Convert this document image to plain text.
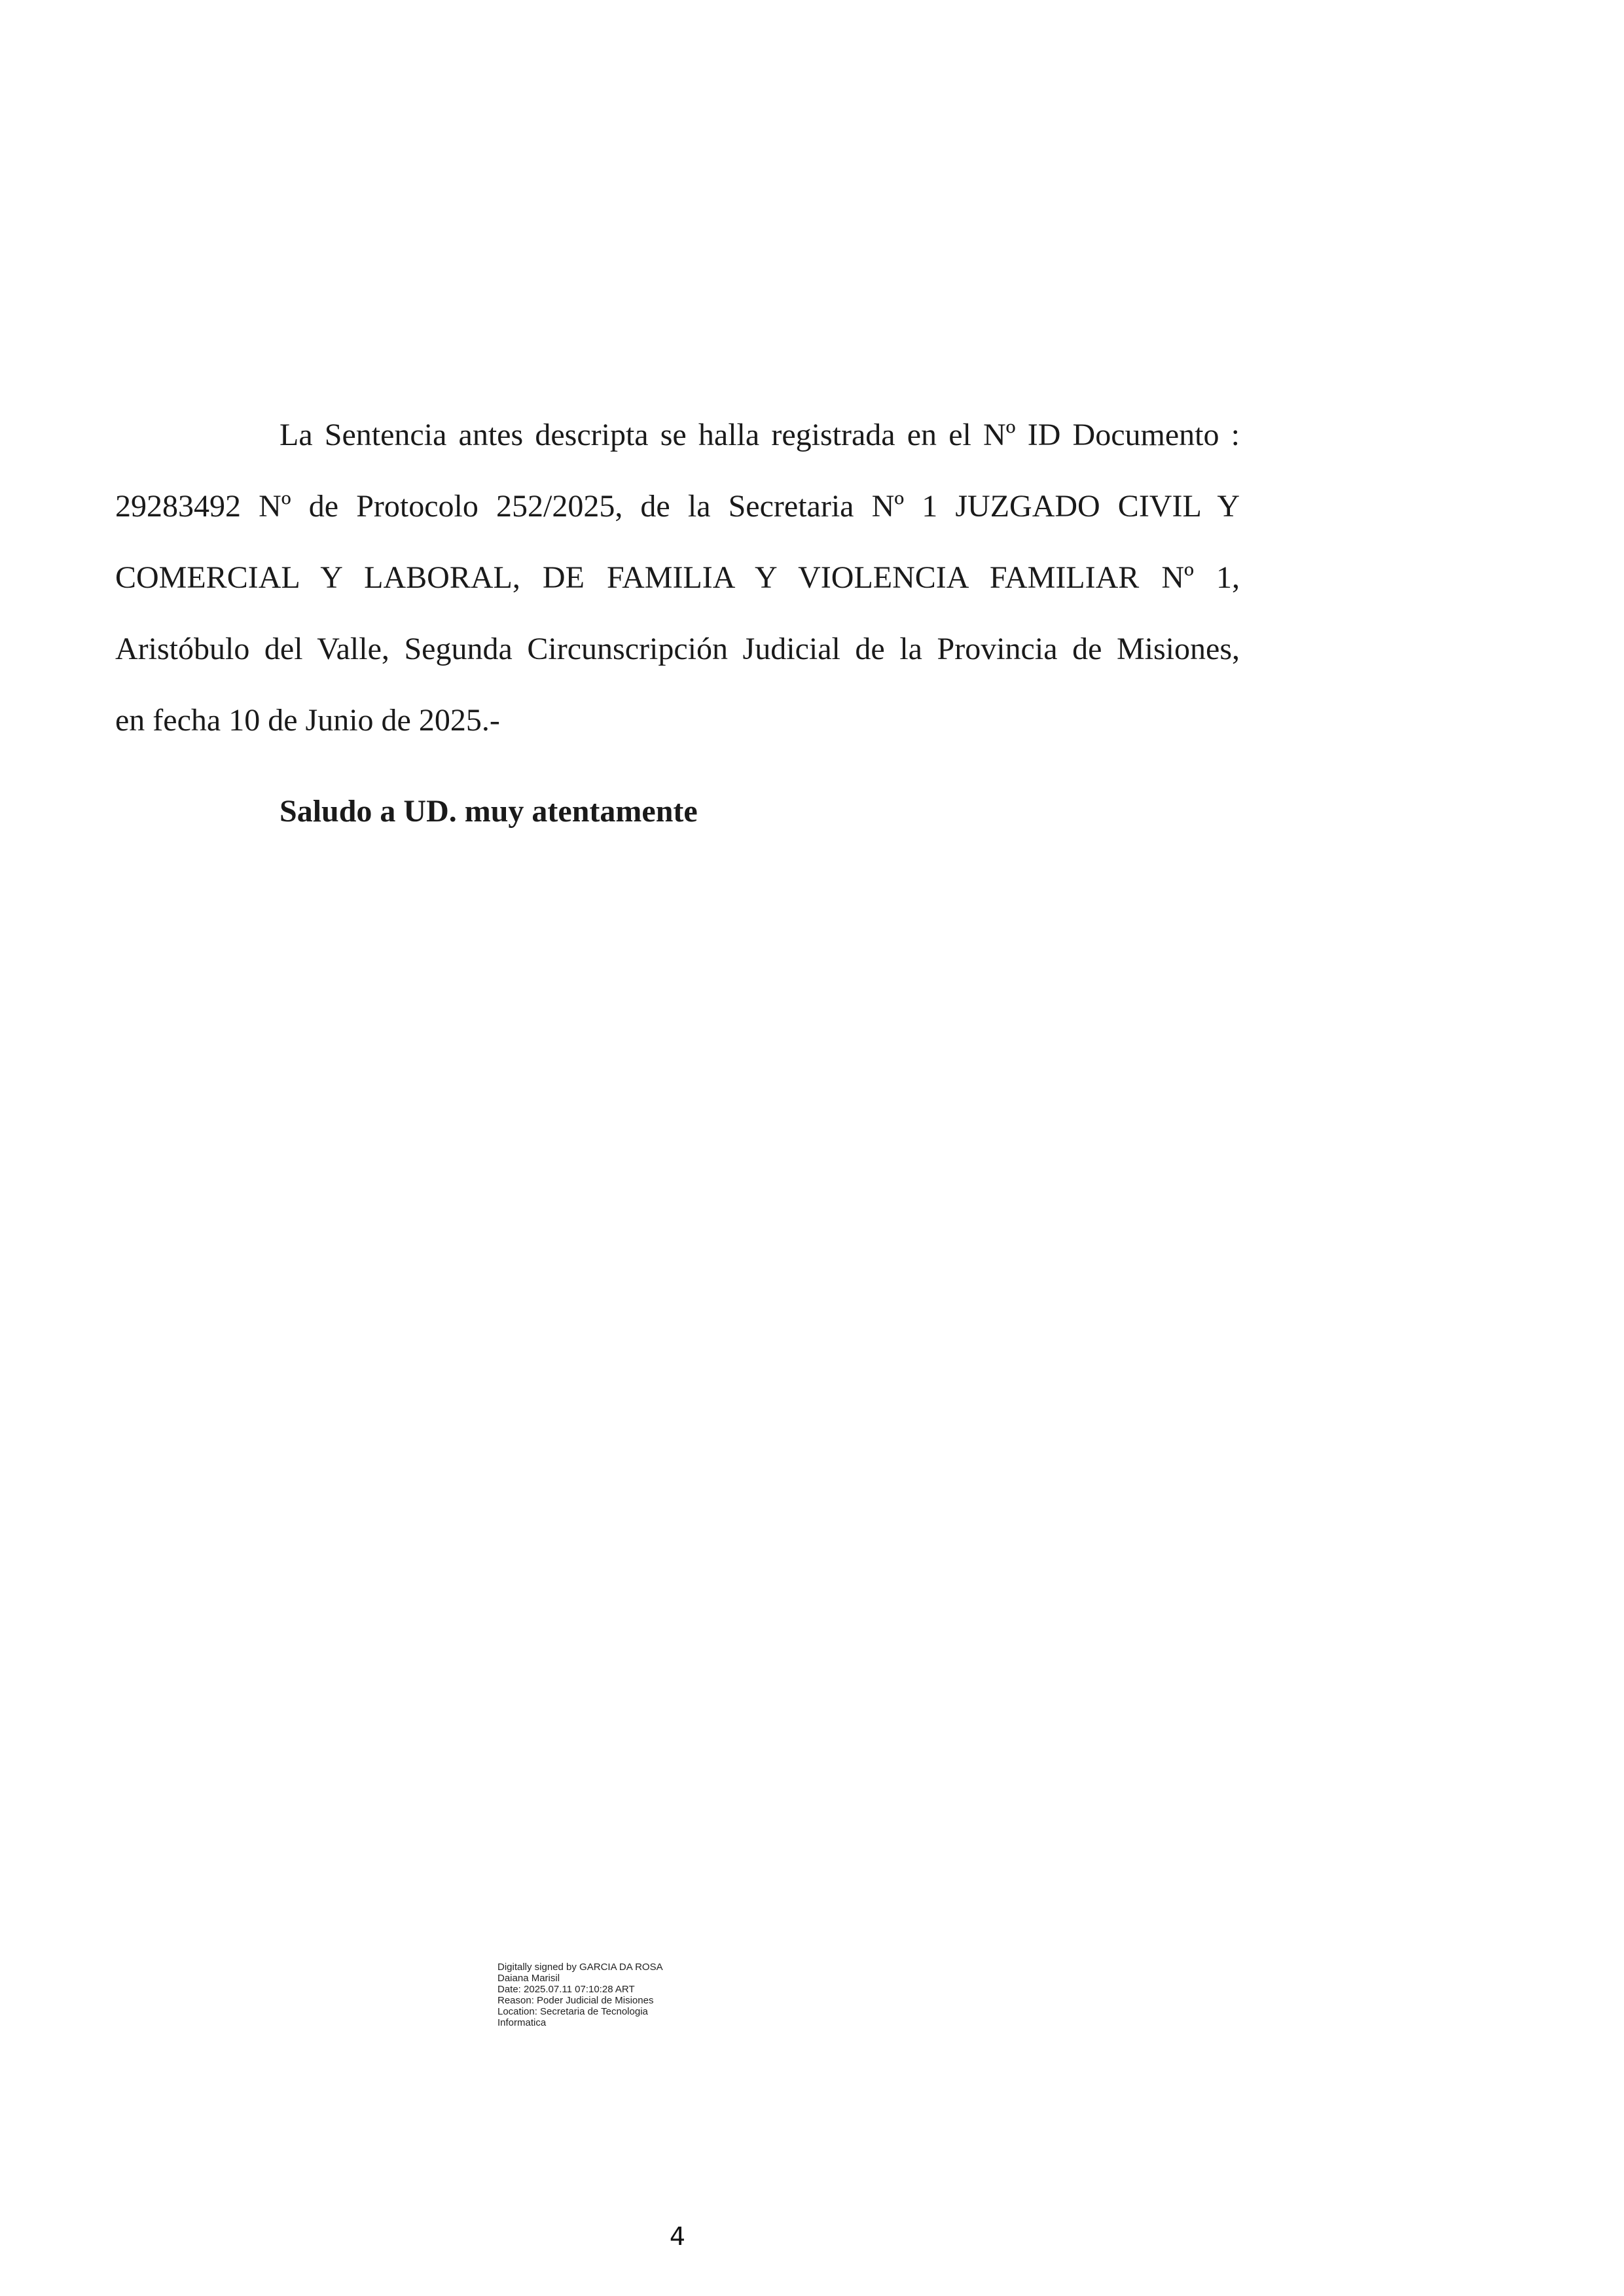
La Sentencia antes descripta se halla registrada en el Nº ID Documento :
29283492 Nº de Protocolo 252/2025, de la Secretaria Nº 1 JUZGADO CIVIL Y
COMERCIAL Y LABORAL, DE FAMILIA Y VIOLENCIA FAMILIAR Nº 1,
Aristóbulo del Valle, Segunda Circunscripción Judicial de la Provincia de Misiones,
en fecha 10 de Junio de 2025.-

Saludo a UD. muy atentamente

Digitally signed by GARCIA DA ROSA
Daiana Marisil
Date: 2025.07.11 07:10:28 ART
Reason: Poder Judicial de Misiones
Location: Secretaria de Tecnologia
Informatica
4
